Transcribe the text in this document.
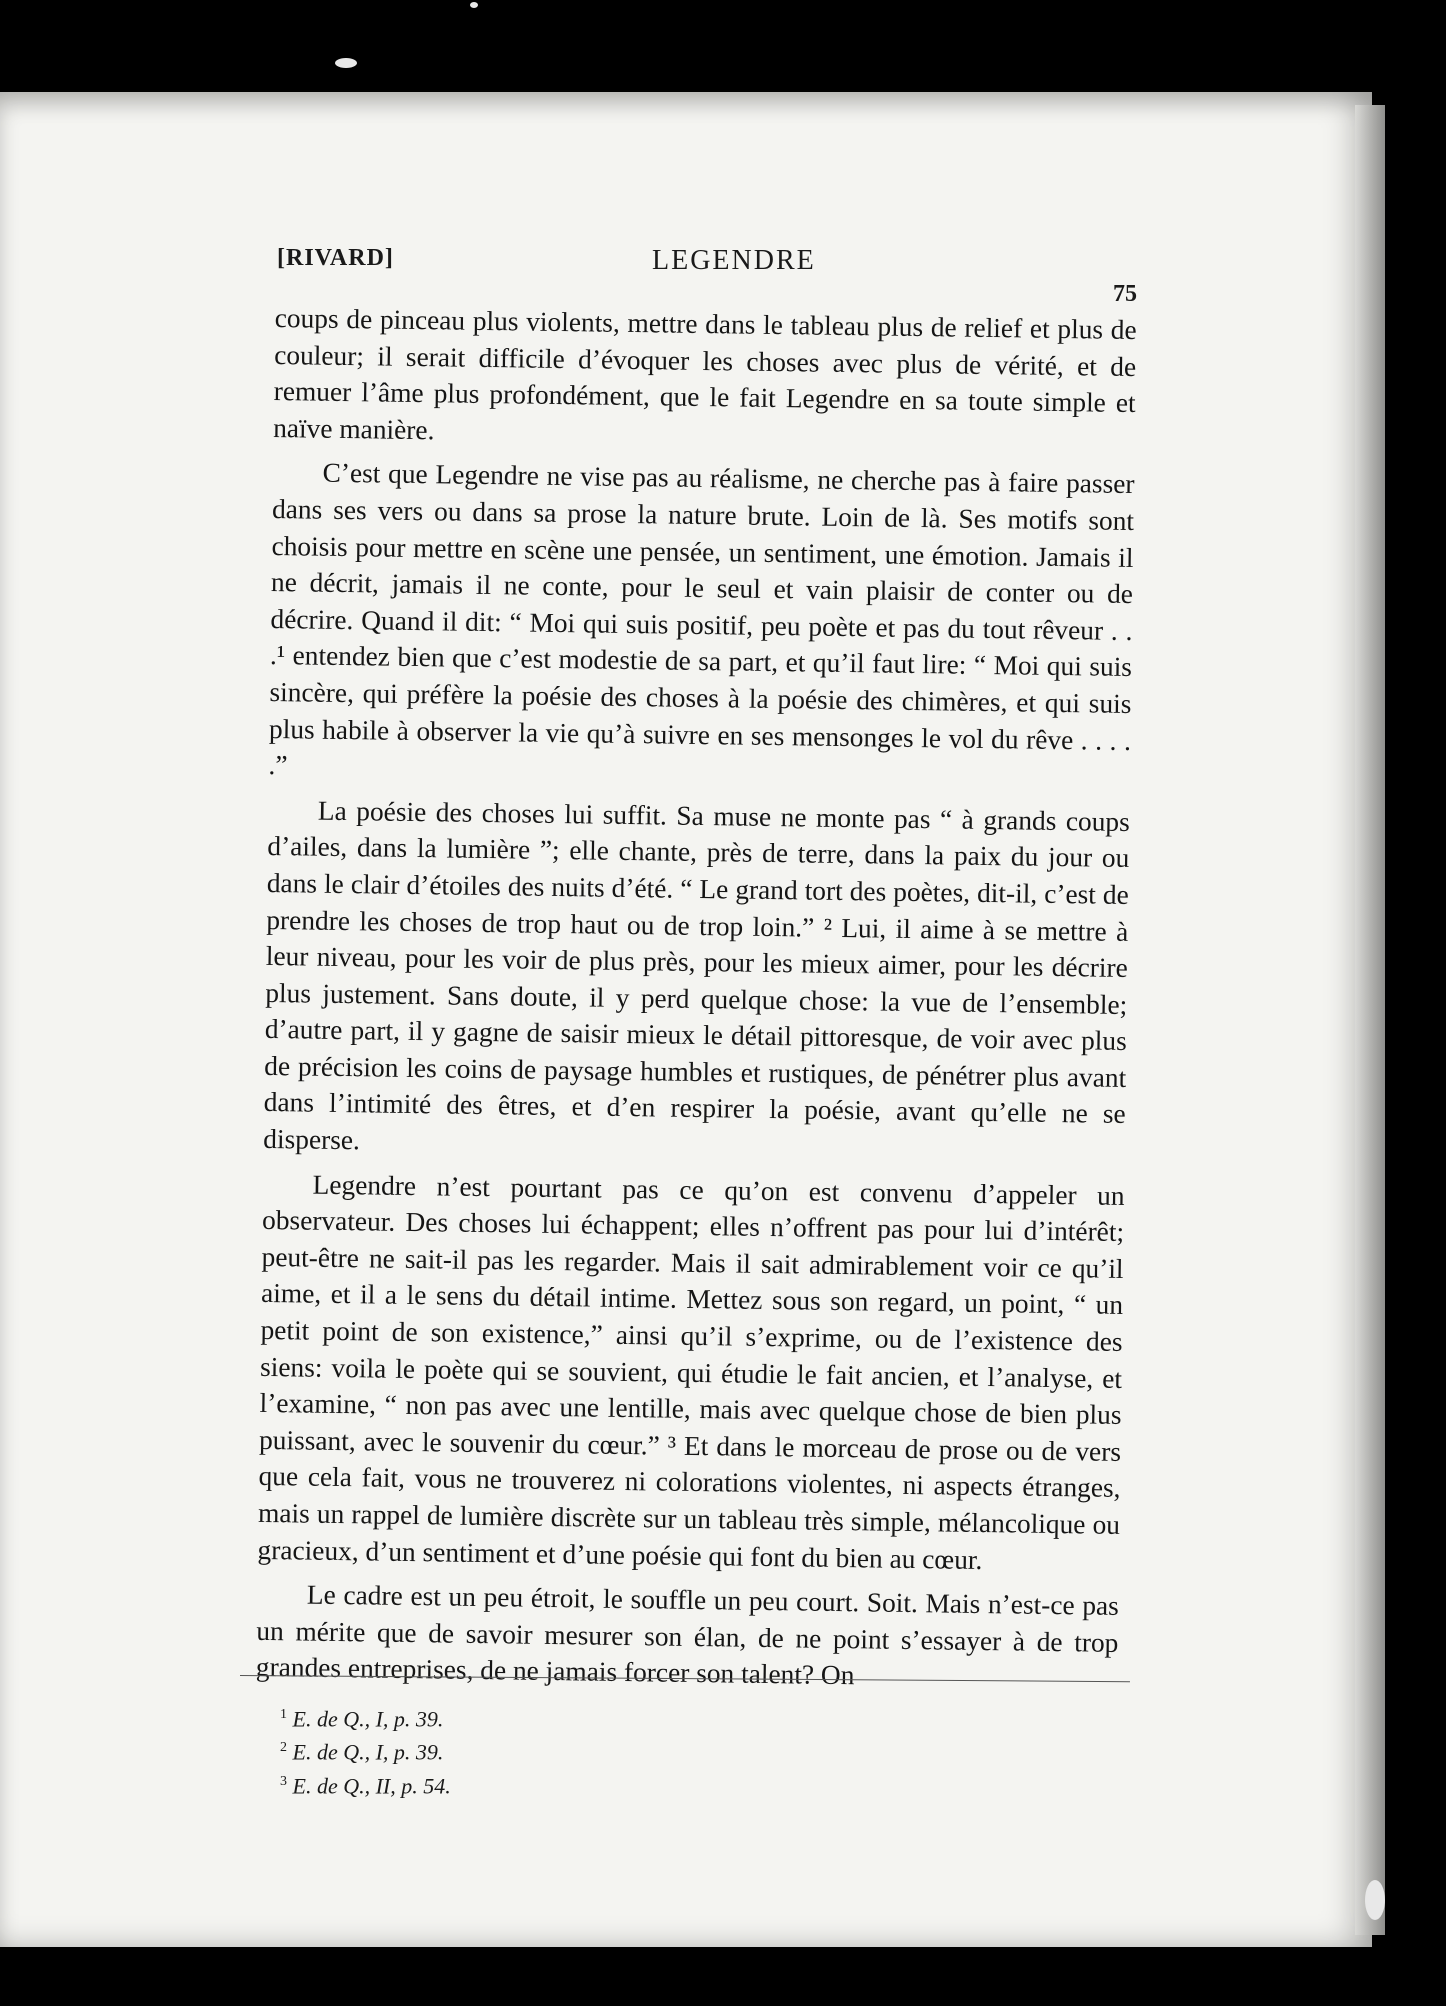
[RIVARD]	LEGENDRE
75

coups de pinceau plus violents, mettre dans le tableau plus de relief et plus de couleur; il serait difficile d’évoquer les choses avec plus de vérité, et de remuer l’âme plus profondément, que le fait Legendre en sa toute simple et naïve manière.

C’est que Legendre ne vise pas au réalisme, ne cherche pas à faire passer dans ses vers ou dans sa prose la nature brute. Loin de là. Ses motifs sont choisis pour mettre en scène une pensée, un sentiment, une émotion. Jamais il ne décrit, jamais il ne conte, pour le seul et vain plaisir de conter ou de décrire. Quand il dit: “ Moi qui suis positif, peu poète et pas du tout rêveur . . .¹ entendez bien que c’est modestie de sa part, et qu’il faut lire: “ Moi qui suis sincère, qui préfère la poésie des choses à la poésie des chimères, et qui suis plus habile à observer la vie qu’à suivre en ses mensonges le vol du rêve . . . . .”

La poésie des choses lui suffit. Sa muse ne monte pas “ à grands coups d’ailes, dans la lumière ”; elle chante, près de terre, dans la paix du jour ou dans le clair d’étoiles des nuits d’été. “ Le grand tort des poètes, dit-il, c’est de prendre les choses de trop haut ou de trop loin.” ² Lui, il aime à se mettre à leur niveau, pour les voir de plus près, pour les mieux aimer, pour les décrire plus justement. Sans doute, il y perd quelque chose: la vue de l’ensemble; d’autre part, il y gagne de saisir mieux le détail pittoresque, de voir avec plus de précision les coins de paysage humbles et rustiques, de pénétrer plus avant dans l’intimité des êtres, et d’en respirer la poésie, avant qu’elle ne se disperse.

Legendre n’est pourtant pas ce qu’on est convenu d’appeler un observateur. Des choses lui échappent; elles n’offrent pas pour lui d’intérêt; peut-être ne sait-il pas les regarder. Mais il sait admirablement voir ce qu’il aime, et il a le sens du détail intime. Mettez sous son regard, un point, “ un petit point de son existence,” ainsi qu’il s’exprime, ou de l’existence des siens: voila le poète qui se souvient, qui étudie le fait ancien, et l’analyse, et l’examine, “ non pas avec une lentille, mais avec quelque chose de bien plus puissant, avec le souvenir du cœur.” ³ Et dans le morceau de prose ou de vers que cela fait, vous ne trouverez ni colorations violentes, ni aspects étranges, mais un rappel de lumière discrète sur un tableau très simple, mélancolique ou gracieux, d’un sentiment et d’une poésie qui font du bien au cœur.

Le cadre est un peu étroit, le souffle un peu court. Soit. Mais n’est-ce pas un mérite que de savoir mesurer son élan, de ne point s’essayer à de trop grandes entreprises, de ne jamais forcer son talent? On

$^1$ E. de Q., I, p. 39.
$^2$ E. de Q., I, p. 39.
$^3$ E. de Q., II, p. 54.
